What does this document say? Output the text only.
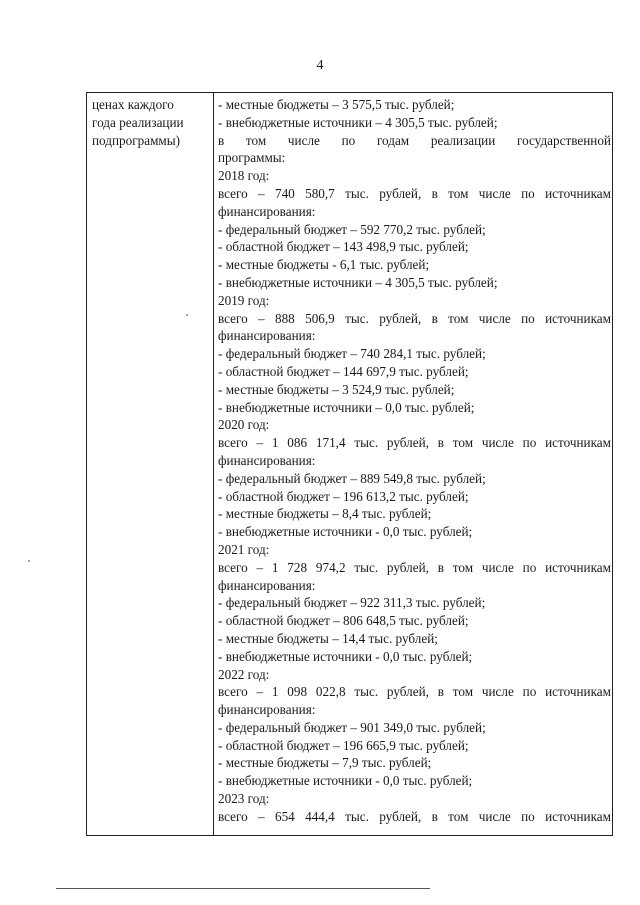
4
ценах каждого
года реализации
подпрограммы)
- местные бюджеты – 3 575,5 тыс. рублей;
- внебюджетные источники – 4 305,5 тыс. рублей;
в том числе по годам реализации государственной
программы:
2018 год:
всего – 740 580,7 тыс. рублей, в том числе по источникам
финансирования:
- федеральный бюджет – 592 770,2 тыс. рублей;
- областной бюджет – 143 498,9 тыс. рублей;
- местные бюджеты - 6,1 тыс. рублей;
- внебюджетные источники – 4 305,5 тыс. рублей;
2019 год:
всего – 888 506,9 тыс. рублей, в том числе по источникам
финансирования:
- федеральный бюджет – 740 284,1 тыс. рублей;
- областной бюджет – 144 697,9 тыс. рублей;
- местные бюджеты – 3 524,9 тыс. рублей;
- внебюджетные источники – 0,0 тыс. рублей;
2020 год:
всего – 1 086 171,4 тыс. рублей, в том числе по источникам
финансирования:
- федеральный бюджет – 889 549,8 тыс. рублей;
- областной бюджет – 196 613,2 тыс. рублей;
- местные бюджеты – 8,4 тыс. рублей;
- внебюджетные источники - 0,0 тыс. рублей;
2021 год:
всего – 1 728 974,2 тыс. рублей, в том числе по источникам
финансирования:
- федеральный бюджет – 922 311,3 тыс. рублей;
- областной бюджет – 806 648,5 тыс. рублей;
- местные бюджеты – 14,4 тыс. рублей;
- внебюджетные источники - 0,0 тыс. рублей;
2022 год:
всего – 1 098 022,8 тыс. рублей, в том числе по источникам
финансирования:
- федеральный бюджет – 901 349,0 тыс. рублей;
- областной бюджет – 196 665,9 тыс. рублей;
- местные бюджеты – 7,9 тыс. рублей;
- внебюджетные источники - 0,0 тыс. рублей;
2023 год:
всего – 654 444,4 тыс. рублей, в том числе по источникам
